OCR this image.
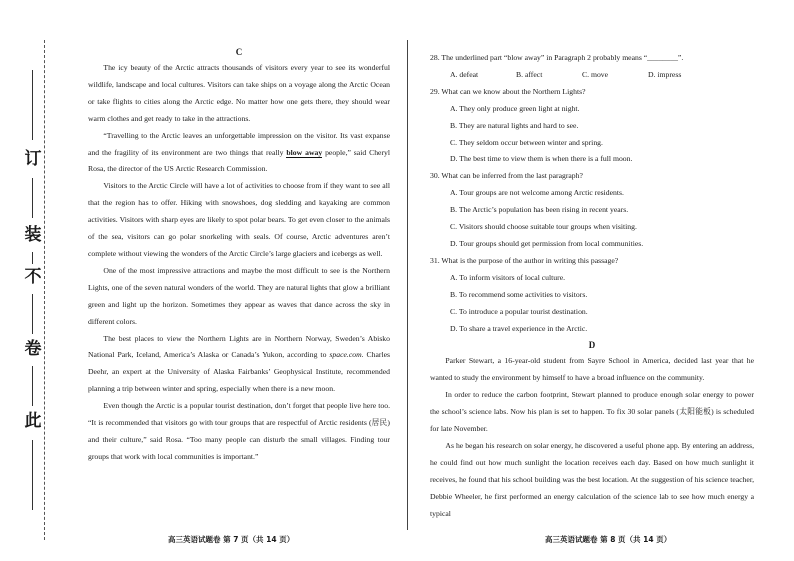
订
装
不
卷
此
C

The icy beauty of the Arctic attracts thousands of visitors every year to see its wonderful wildlife, landscape and local cultures. Visitors can take ships on a voyage along the Arctic Ocean or take flights to cities along the Arctic edge. No matter how one gets there, they should wear warm clothes and get ready to take in the attractions.

“Travelling to the Arctic leaves an unforgettable impression on the visitor. Its vast expanse and the fragility of its environment are two things that really blow away people,” said Cheryl Rosa, the director of the US Arctic Research Commission.

Visitors to the Arctic Circle will have a lot of activities to choose from if they want to see all that the region has to offer. Hiking with snowshoes, dog sledding and kayaking are common activities. Visitors with sharp eyes are likely to spot polar bears. To get even closer to the animals of the sea, visitors can go polar snorkeling with seals. Of course, Arctic adventures aren’t complete without viewing the wonders of the Arctic Circle’s large glaciers and icebergs as well.

One of the most impressive attractions and maybe the most difficult to see is the Northern Lights, one of the seven natural wonders of the world. They are natural lights that glow a brilliant green and light up the horizon. Sometimes they appear as waves that dance across the sky in different colors.

The best places to view the Northern Lights are in Northern Norway, Sweden’s Abisko National Park, Iceland, America’s Alaska or Canada’s Yukon, according to space.com. Charles Deehr, an expert at the University of Alaska Fairbanks’ Geophysical Institute, recommended planning a trip between winter and spring, especially when there is a new moon.

Even though the Arctic is a popular tourist destination, don’t forget that people live here too. “It is recommended that visitors go with tour groups that are respectful of Arctic residents (居民) and their culture,” said Rosa. “Too many people can disturb the small villages. Finding tour groups that work with local communities is important.”

28. The underlined part “blow away” in Paragraph 2 probably means “________”.
A. defeat	B. affect	C. move	D. impress
29. What can we know about the Northern Lights?
A. They only produce green light at night.
B. They are natural lights and hard to see.
C. They seldom occur between winter and spring.
D. The best time to view them is when there is a full moon.
30. What can be inferred from the last paragraph?
A. Tour groups are not welcome among Arctic residents.
B. The Arctic’s population has been rising in recent years.
C. Visitors should choose suitable tour groups when visiting.
D. Tour groups should get permission from local communities.
31. What is the purpose of the author in writing this passage?
A. To inform visitors of local culture.
B. To recommend some activities to visitors.
C. To introduce a popular tourist destination.
D. To share a travel experience in the Arctic.
D

Parker Stewart, a 16-year-old student from Sayre School in America, decided last year that he wanted to study the environment by himself to have a broad influence on the community.

In order to reduce the carbon footprint, Stewart planned to produce enough solar energy to power the school’s science labs. Now his plan is set to happen. To fix 30 solar panels (太阳能板) is scheduled for late November.

As he began his research on solar energy, he discovered a useful phone app. By entering an address, he could find out how much sunlight the location receives each day. Based on how much sunlight it receives, he found that his school building was the best location. At the suggestion of his science teacher, Debbie Wheeler, he first performed an energy calculation of the science lab to see how much energy a typical

高三英语试题卷 第 7 页（共 14 页）	高三英语试题卷 第 8 页（共 14 页）
